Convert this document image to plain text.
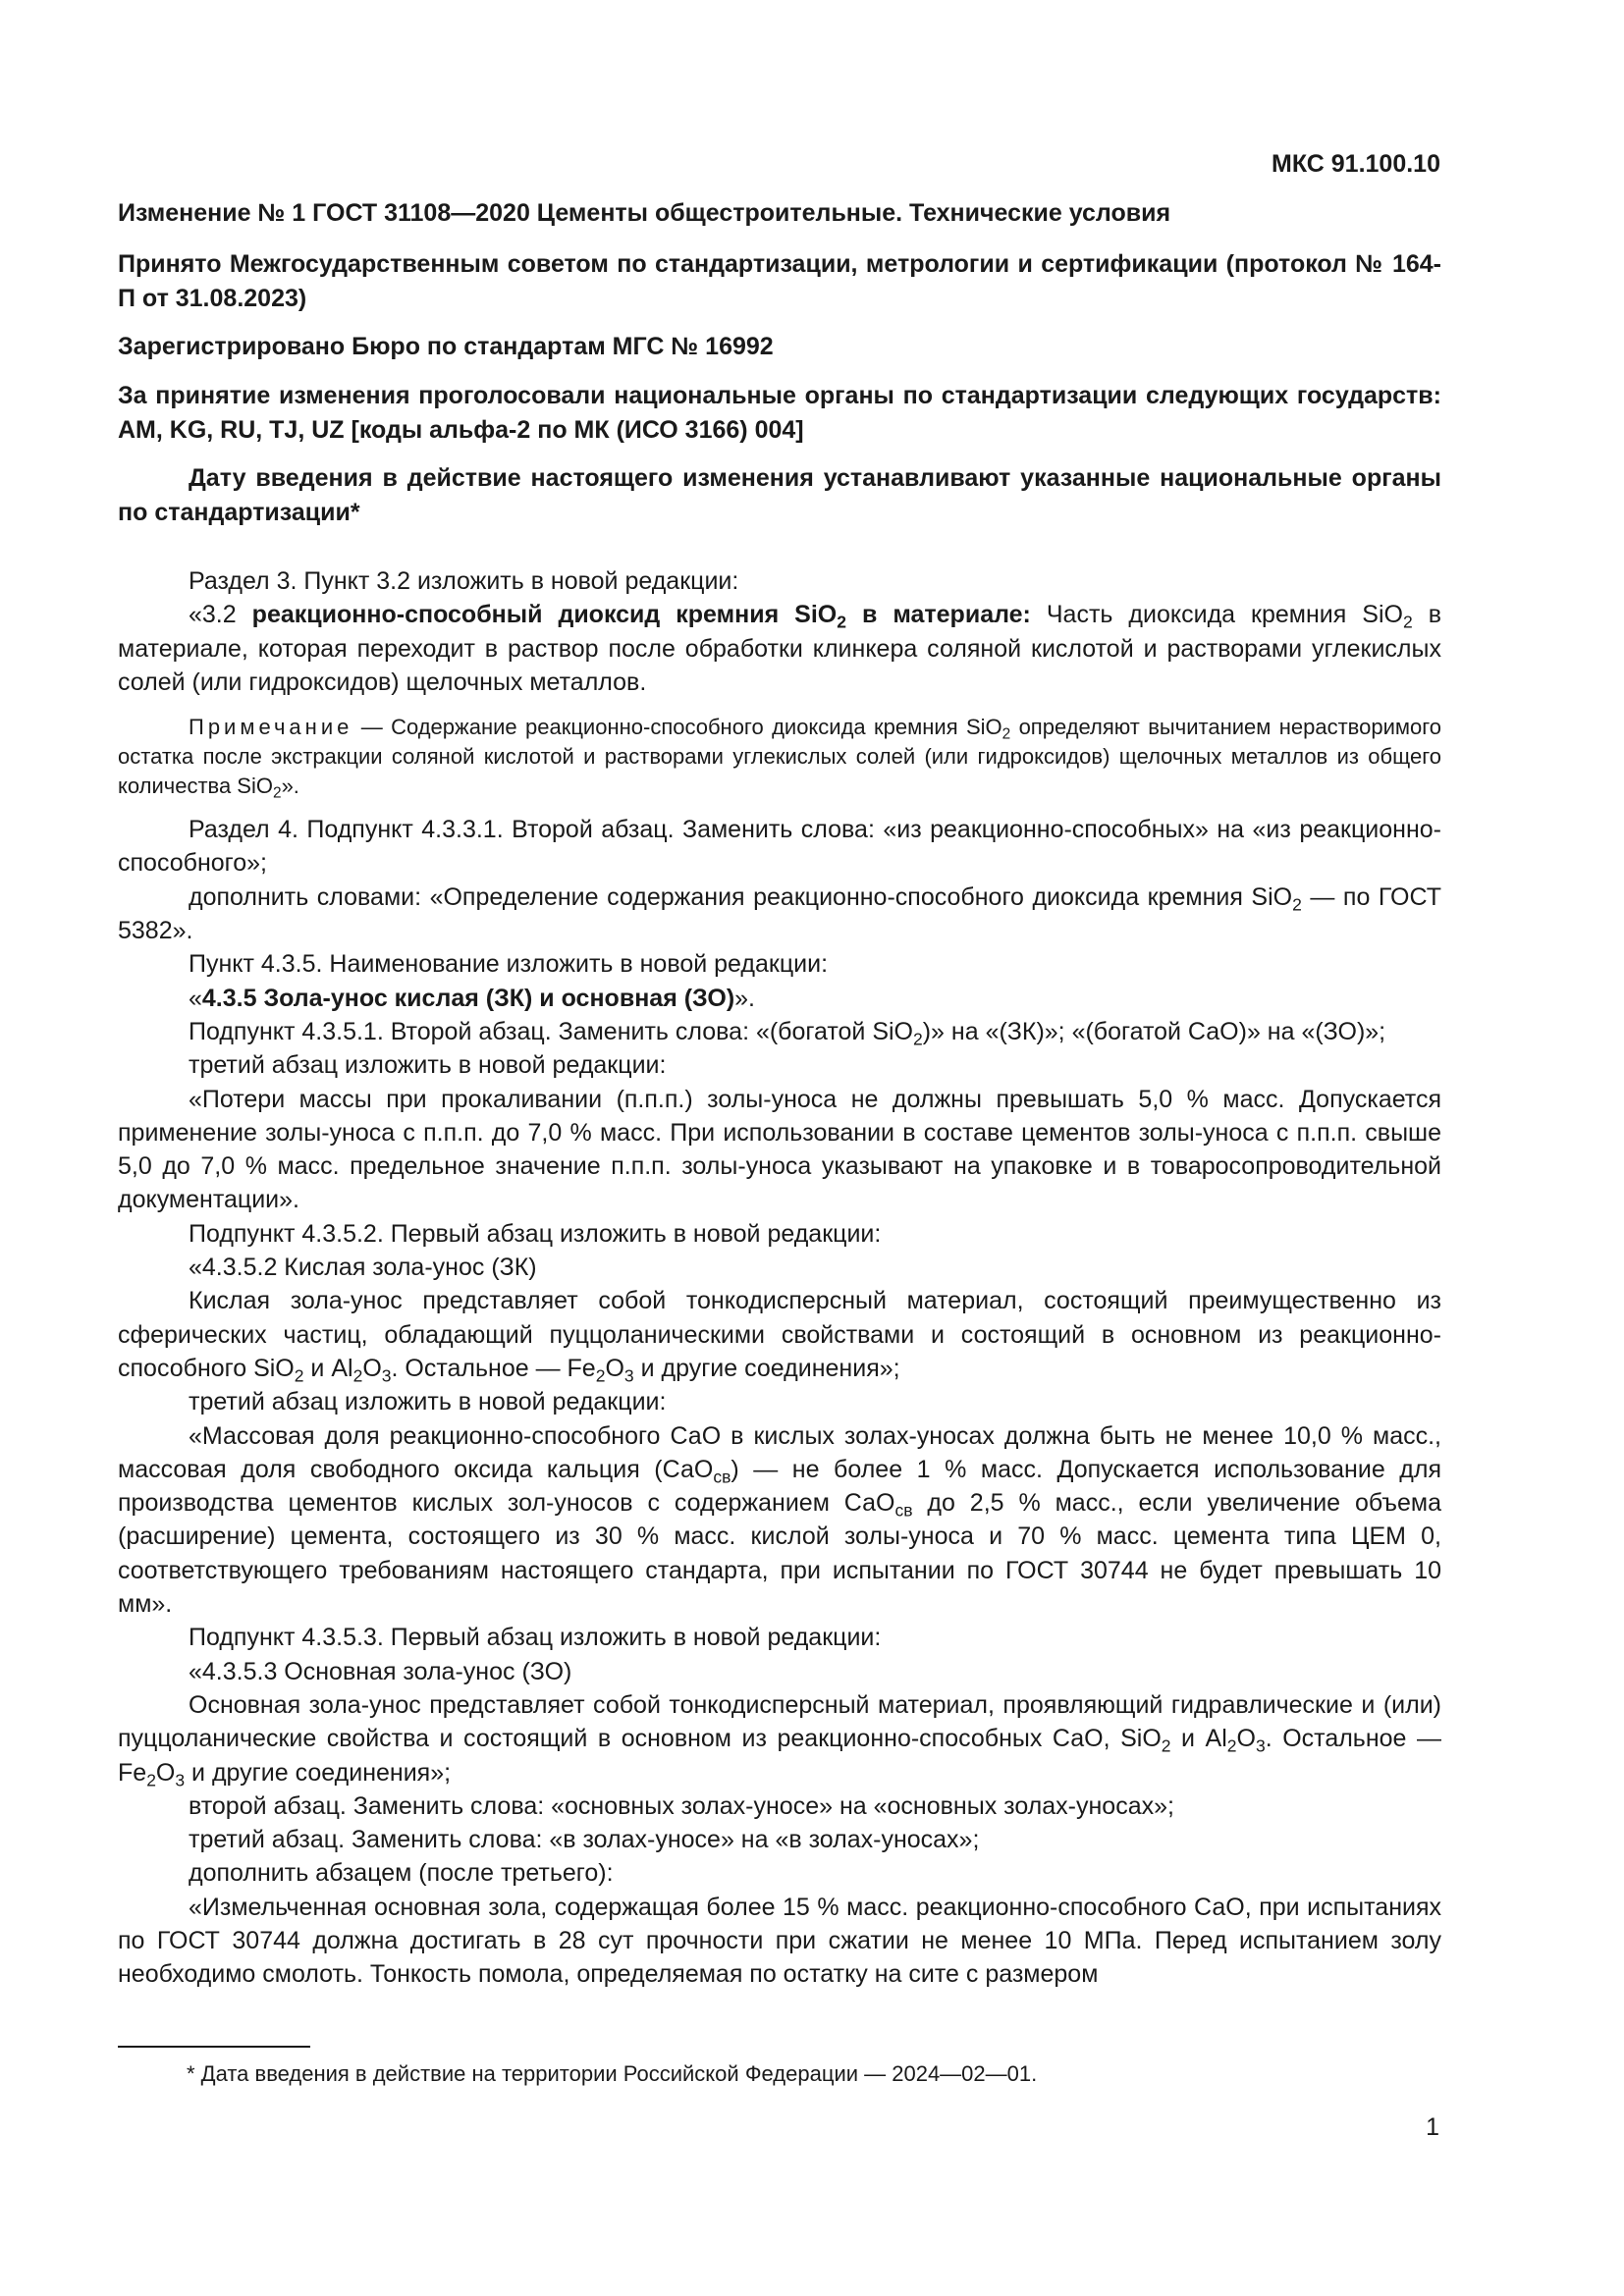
МКС 91.100.10

Изменение № 1 ГОСТ 31108—2020 Цементы общестроительные. Технические условия

Принято Межгосударственным советом по стандартизации, метрологии и сертификации (протокол № 164-П от 31.08.2023)

Зарегистрировано Бюро по стандартам МГС № 16992

За принятие изменения проголосовали национальные органы по стандартизации следующих государств: AM, KG, RU, TJ, UZ [коды альфа-2 по МК (ИСО 3166) 004]

Дату введения в действие настоящего изменения устанавливают указанные национальные органы по стандартизации*

Раздел 3. Пункт 3.2 изложить в новой редакции:

«3.2 реакционно-способный диоксид кремния SiO$_2$ в материале: Часть диоксида кремния SiO$_2$ в материале, которая переходит в раствор после обработки клинкера соляной кислотой и растворами углекислых солей (или гидроксидов) щелочных металлов.

Примечание — Содержание реакционно-способного диоксида кремния SiO$_2$ определяют вычитанием нерастворимого остатка после экстракции соляной кислотой и растворами углекислых солей (или гидроксидов) щелочных металлов из общего количества SiO$_2$».

Раздел 4. Подпункт 4.3.3.1. Второй абзац. Заменить слова: «из реакционно-способных» на «из реакционно-способного»;

дополнить словами: «Определение содержания реакционно-способного диоксида кремния SiO$_2$ — по ГОСТ 5382».

Пункт 4.3.5. Наименование изложить в новой редакции:

«4.3.5 Зола-унос кислая (ЗК) и основная (ЗО)».

Подпункт 4.3.5.1. Второй абзац. Заменить слова: «(богатой SiO$_2$)» на «(ЗК)»; «(богатой СаО)» на «(ЗО)»;

третий абзац изложить в новой редакции:

«Потери массы при прокаливании (п.п.п.) золы-уноса не должны превышать 5,0 % масс. Допускается применение золы-уноса с п.п.п. до 7,0 % масс. При использовании в составе цементов золы-уноса с п.п.п. свыше 5,0 до 7,0 % масс. предельное значение п.п.п. золы-уноса указывают на упаковке и в товаросопроводительной документации».

Подпункт 4.3.5.2. Первый абзац изложить в новой редакции:

«4.3.5.2 Кислая зола-унос (ЗК)

Кислая зола-унос представляет собой тонкодисперсный материал, состоящий преимущественно из сферических частиц, обладающий пуццоланическими свойствами и состоящий в основном из реакционно-способного SiO$_2$ и $Al_2O_3$. Остальное — $Fe_2O_3$ и другие соединения»;

третий абзац изложить в новой редакции:

«Массовая доля реакционно-способного СаО в кислых золах-уносах должна быть не менее 10,0 % масс., массовая доля свободного оксида кальция (СаО$_{св}$) — не более 1 % масс. Допускается использование для производства цементов кислых зол-уносов с содержанием СаО$_{св}$ до 2,5 % масс., если увеличение объема (расширение) цемента, состоящего из 30 % масс. кислой золы-уноса и 70 % масс. цемента типа ЦЕМ 0, соответствующего требованиям настоящего стандарта, при испытании по ГОСТ 30744 не будет превышать 10 мм».

Подпункт 4.3.5.3. Первый абзац изложить в новой редакции:

«4.3.5.3 Основная зола-унос (ЗО)

Основная зола-унос представляет собой тонкодисперсный материал, проявляющий гидравлические и (или) пуццоланические свойства и состоящий в основном из реакционно-способных СаО, SiO$_2$ и $Al_2O_3$. Остальное — $Fe_2O_3$ и другие соединения»;

второй абзац. Заменить слова: «основных золах-уносе» на «основных золах-уносах»;

третий абзац. Заменить слова: «в золах-уносе» на «в золах-уносах»;

дополнить абзацем (после третьего):

«Измельченная основная зола, содержащая более 15 % масс. реакционно-способного СаО, при испытаниях по ГОСТ 30744 должна достигать в 28 сут прочности при сжатии не менее 10 МПа. Перед испытанием золу необходимо смолоть. Тонкость помола, определяемая по остатку на сите с размером

* Дата введения в действие на территории Российской Федерации — 2024—02—01.
1
